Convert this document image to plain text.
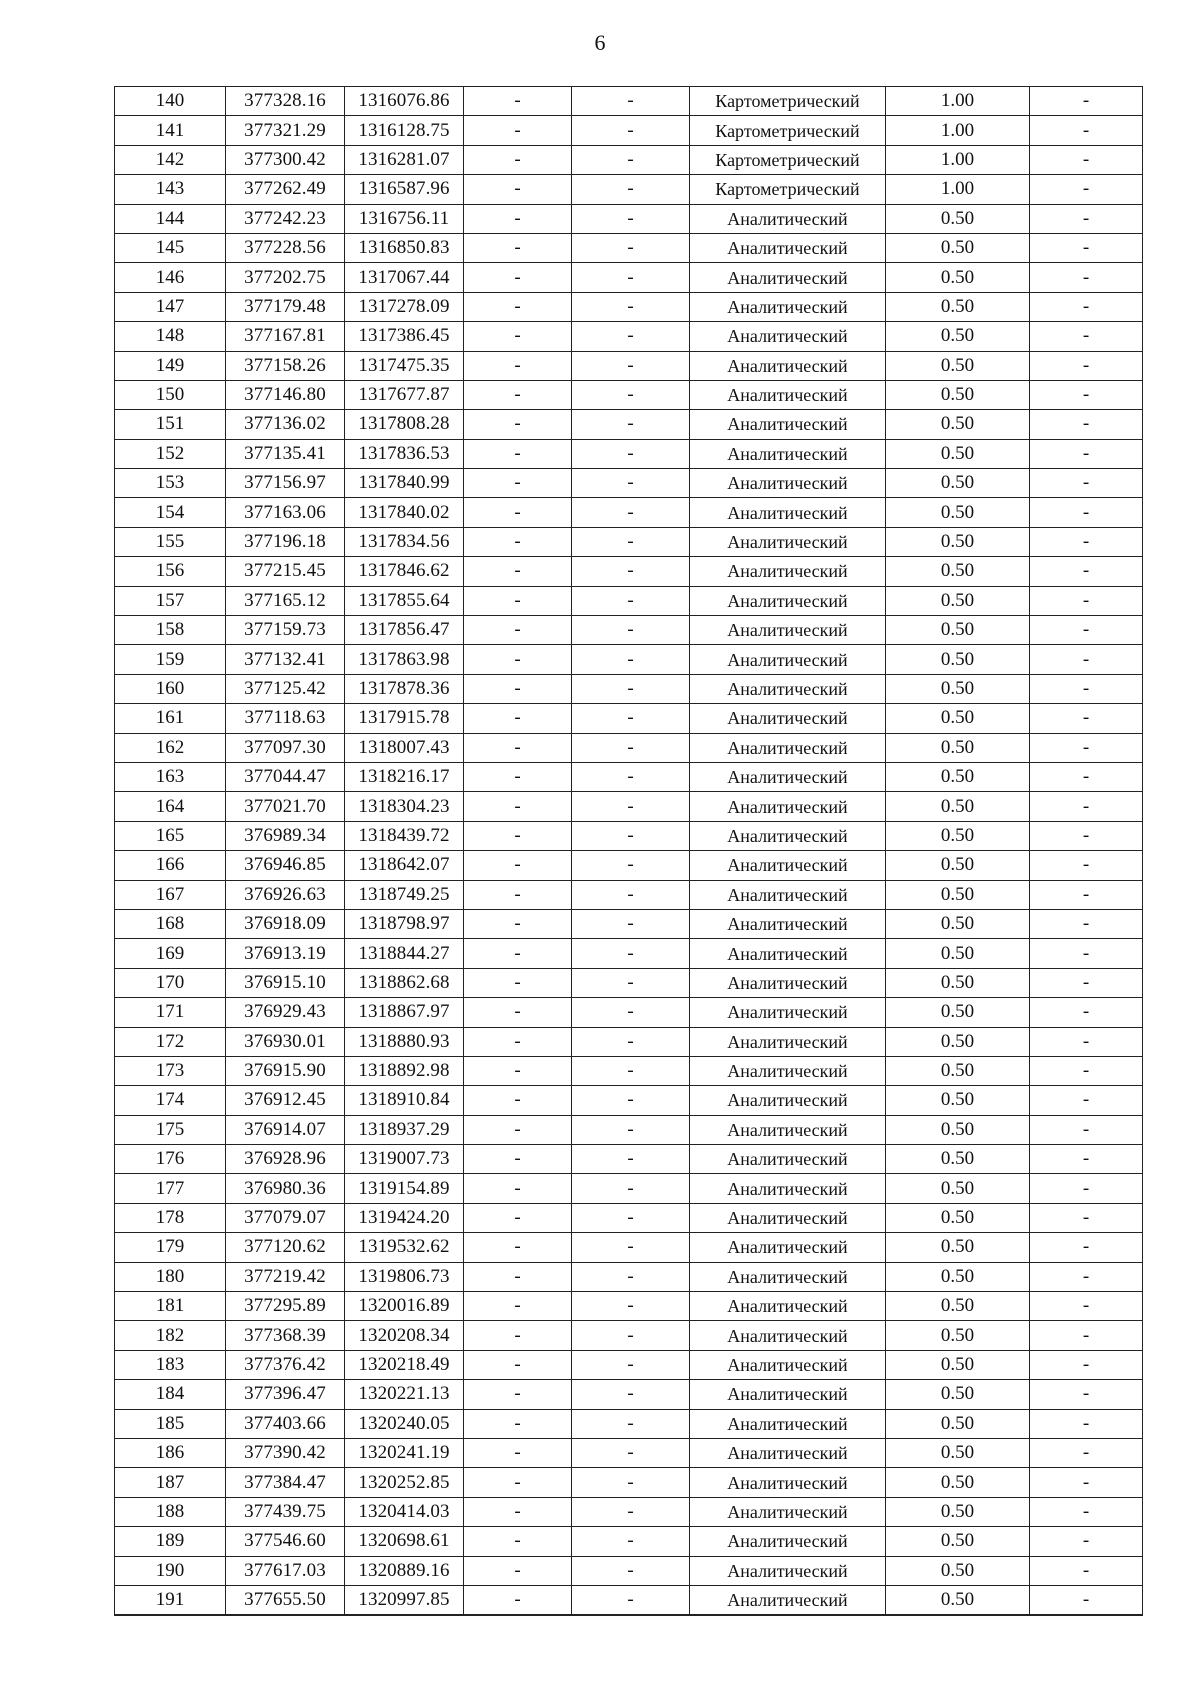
6
140	377328.16	1316076.86	-	-	Картометрический	1.00	-
141	377321.29	1316128.75	-	-	Картометрический	1.00	-
142	377300.42	1316281.07	-	-	Картометрический	1.00	-
143	377262.49	1316587.96	-	-	Картометрический	1.00	-
144	377242.23	1316756.11	-	-	Аналитический	0.50	-
145	377228.56	1316850.83	-	-	Аналитический	0.50	-
146	377202.75	1317067.44	-	-	Аналитический	0.50	-
147	377179.48	1317278.09	-	-	Аналитический	0.50	-
148	377167.81	1317386.45	-	-	Аналитический	0.50	-
149	377158.26	1317475.35	-	-	Аналитический	0.50	-
150	377146.80	1317677.87	-	-	Аналитический	0.50	-
151	377136.02	1317808.28	-	-	Аналитический	0.50	-
152	377135.41	1317836.53	-	-	Аналитический	0.50	-
153	377156.97	1317840.99	-	-	Аналитический	0.50	-
154	377163.06	1317840.02	-	-	Аналитический	0.50	-
155	377196.18	1317834.56	-	-	Аналитический	0.50	-
156	377215.45	1317846.62	-	-	Аналитический	0.50	-
157	377165.12	1317855.64	-	-	Аналитический	0.50	-
158	377159.73	1317856.47	-	-	Аналитический	0.50	-
159	377132.41	1317863.98	-	-	Аналитический	0.50	-
160	377125.42	1317878.36	-	-	Аналитический	0.50	-
161	377118.63	1317915.78	-	-	Аналитический	0.50	-
162	377097.30	1318007.43	-	-	Аналитический	0.50	-
163	377044.47	1318216.17	-	-	Аналитический	0.50	-
164	377021.70	1318304.23	-	-	Аналитический	0.50	-
165	376989.34	1318439.72	-	-	Аналитический	0.50	-
166	376946.85	1318642.07	-	-	Аналитический	0.50	-
167	376926.63	1318749.25	-	-	Аналитический	0.50	-
168	376918.09	1318798.97	-	-	Аналитический	0.50	-
169	376913.19	1318844.27	-	-	Аналитический	0.50	-
170	376915.10	1318862.68	-	-	Аналитический	0.50	-
171	376929.43	1318867.97	-	-	Аналитический	0.50	-
172	376930.01	1318880.93	-	-	Аналитический	0.50	-
173	376915.90	1318892.98	-	-	Аналитический	0.50	-
174	376912.45	1318910.84	-	-	Аналитический	0.50	-
175	376914.07	1318937.29	-	-	Аналитический	0.50	-
176	376928.96	1319007.73	-	-	Аналитический	0.50	-
177	376980.36	1319154.89	-	-	Аналитический	0.50	-
178	377079.07	1319424.20	-	-	Аналитический	0.50	-
179	377120.62	1319532.62	-	-	Аналитический	0.50	-
180	377219.42	1319806.73	-	-	Аналитический	0.50	-
181	377295.89	1320016.89	-	-	Аналитический	0.50	-
182	377368.39	1320208.34	-	-	Аналитический	0.50	-
183	377376.42	1320218.49	-	-	Аналитический	0.50	-
184	377396.47	1320221.13	-	-	Аналитический	0.50	-
185	377403.66	1320240.05	-	-	Аналитический	0.50	-
186	377390.42	1320241.19	-	-	Аналитический	0.50	-
187	377384.47	1320252.85	-	-	Аналитический	0.50	-
188	377439.75	1320414.03	-	-	Аналитический	0.50	-
189	377546.60	1320698.61	-	-	Аналитический	0.50	-
190	377617.03	1320889.16	-	-	Аналитический	0.50	-
191	377655.50	1320997.85	-	-	Аналитический	0.50	-
